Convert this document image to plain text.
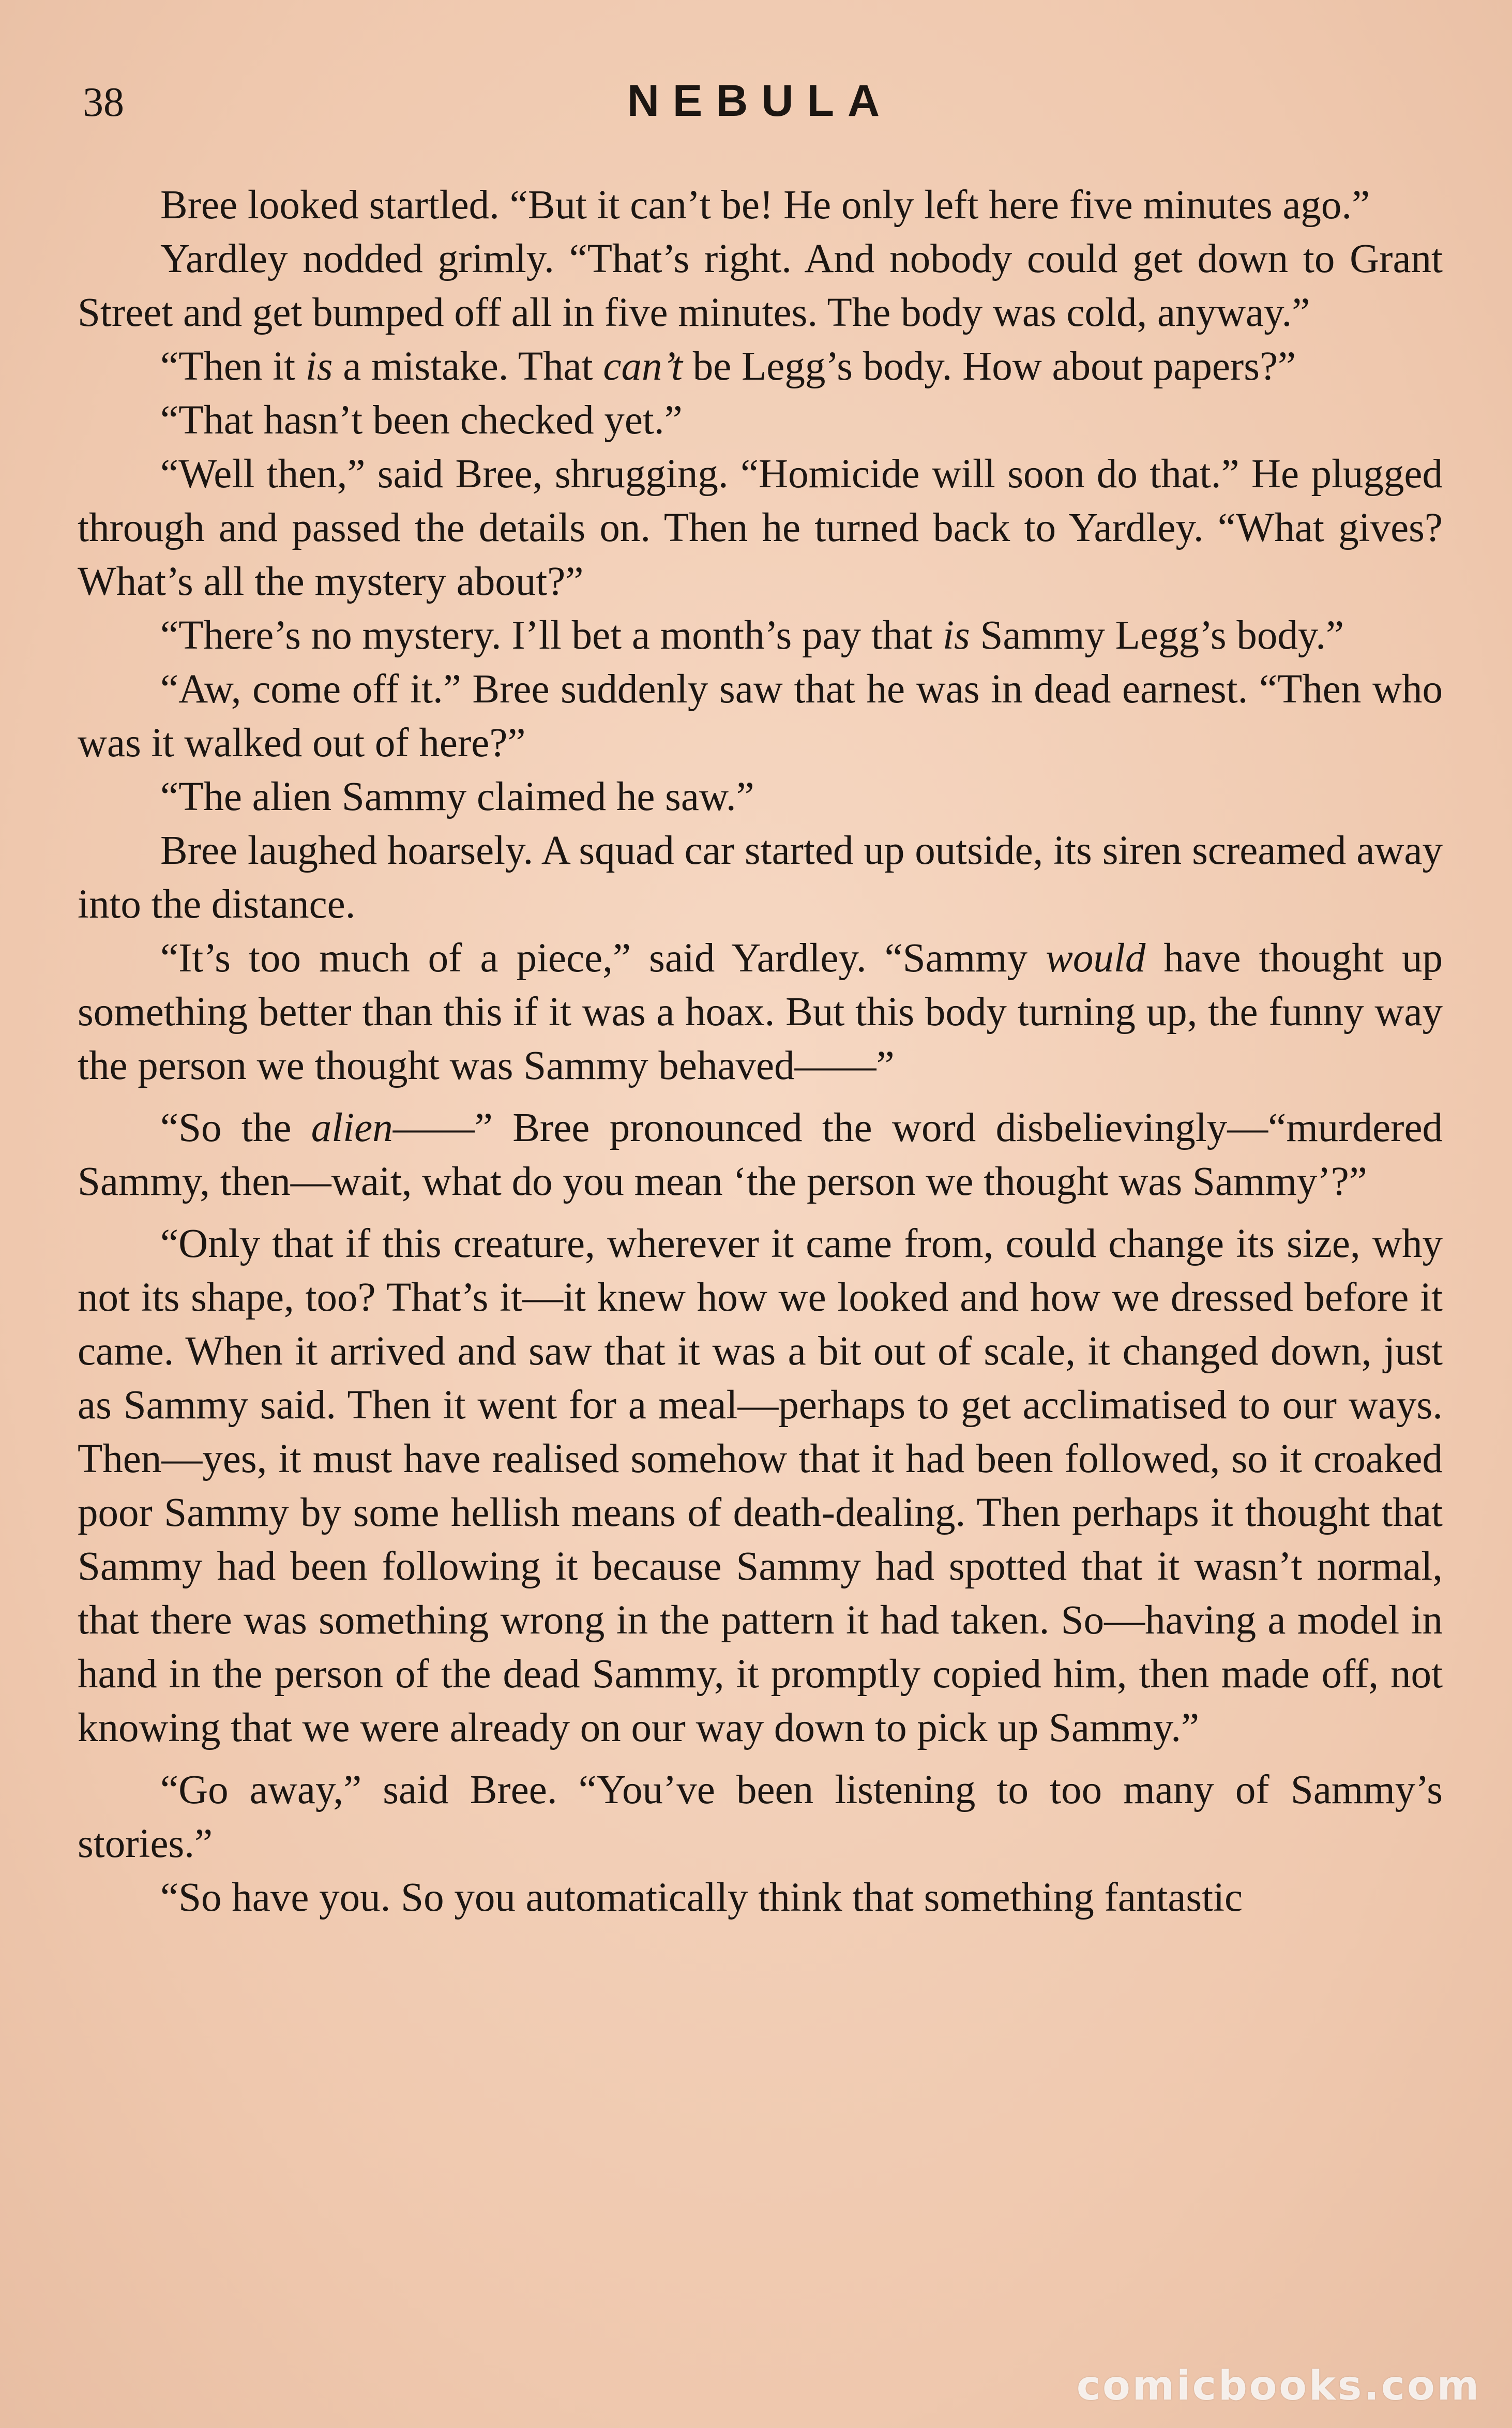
38	NEBULA

Bree looked startled. “But it can’t be! He only left here five minutes ago.”

Yardley nodded grimly. “That’s right. And nobody could get down to Grant Street and get bumped off all in five minutes. The body was cold, anyway.”

“Then it is a mistake. That can’t be Legg’s body. How about papers?”

“That hasn’t been checked yet.”

“Well then,” said Bree, shrugging. “Homicide will soon do that.” He plugged through and passed the details on. Then he turned back to Yardley. “What gives? What’s all the mystery about?”

“There’s no mystery. I’ll bet a month’s pay that is Sammy Legg’s body.”

“Aw, come off it.” Bree suddenly saw that he was in dead earnest. “Then who was it walked out of here?”

“The alien Sammy claimed he saw.”

Bree laughed hoarsely. A squad car started up outside, its siren screamed away into the distance.

“It’s too much of a piece,” said Yardley. “Sammy would have thought up something better than this if it was a hoax. But this body turning up, the funny way the person we thought was Sammy behaved——”

“So the alien——” Bree pronounced the word disbelievingly—“murdered Sammy, then—wait, what do you mean ‘the person we thought was Sammy’?”

“Only that if this creature, wherever it came from, could change its size, why not its shape, too? That’s it—it knew how we looked and how we dressed before it came. When it arrived and saw that it was a bit out of scale, it changed down, just as Sammy said. Then it went for a meal—perhaps to get acclimatised to our ways. Then—yes, it must have realised somehow that it had been followed, so it croaked poor Sammy by some hellish means of death-dealing. Then perhaps it thought that Sammy had been following it because Sammy had spotted that it wasn’t normal, that there was something wrong in the pattern it had taken. So—having a model in hand in the person of the dead Sammy, it promptly copied him, then made off, not knowing that we were already on our way down to pick up Sammy.”

“Go away,” said Bree. “You’ve been listening to too many of Sammy’s stories.”

“So have you. So you automatically think that something fantastic

comicbooks.com
